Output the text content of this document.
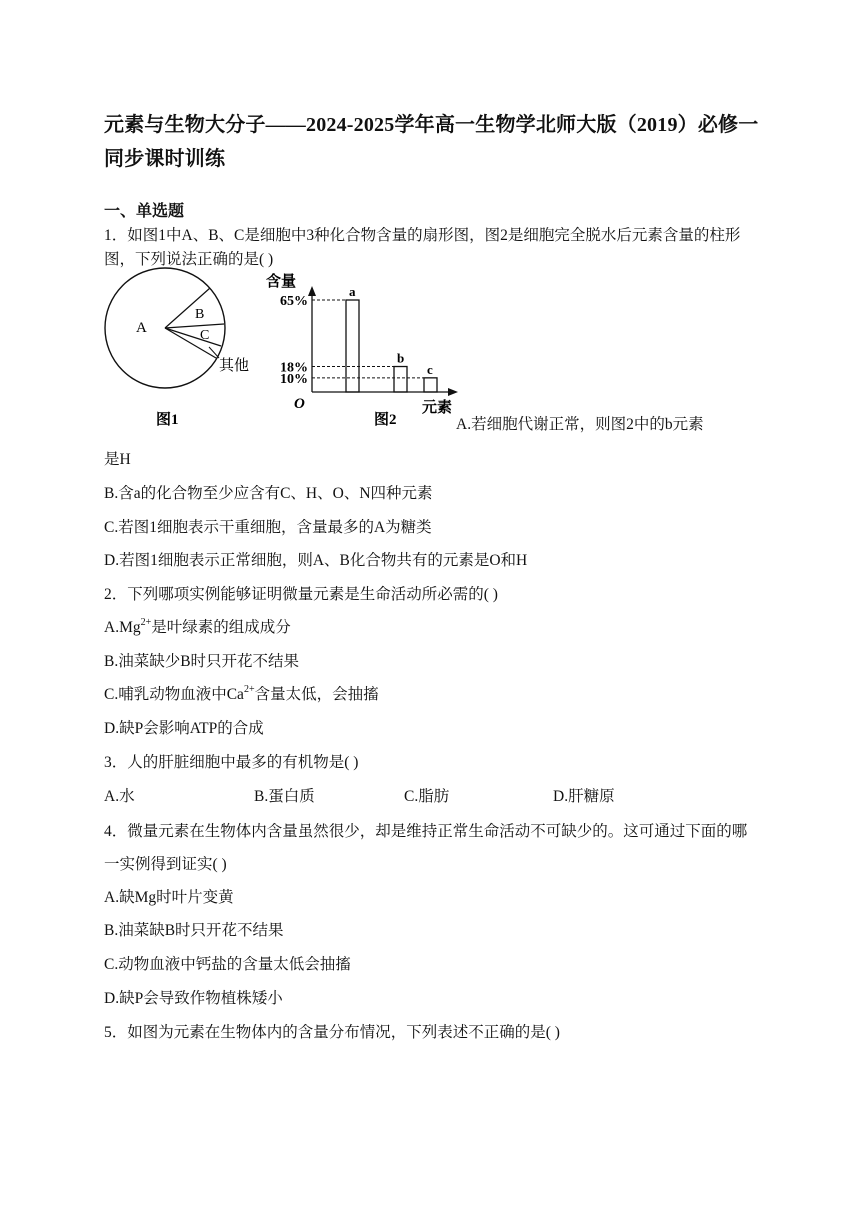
元素与生物大分子——2024-2025学年高一生物学北师大版（2019）必修一同步课时训练
一、单选题
1．如图1中A、B、C是细胞中3种化合物含量的扇形图，图2是细胞完全脱水后元素含量的柱形图，下列说法正确的是( )
A
B
C
其他
图1
含量
O	元素
图2
a
65%
b
18%	c
10%
A.若细胞代谢正常，则图2中的b元素
是H
B.含a的化合物至少应含有C、H、O、N四种元素
C.若图1细胞表示干重细胞，含量最多的A为糖类
D.若图1细胞表示正常细胞，则A、B化合物共有的元素是O和H
2．下列哪项实例能够证明微量元素是生命活动所必需的( )
$A.Mg^{2+}$是叶绿素的组成成分
B.油菜缺少B时只开花不结果
C.哺乳动物血液中$Ca^{2+}$含量太低，会抽搐
D.缺P会影响ATP的合成
3．人的肝脏细胞中最多的有机物是( )
A.水	B.蛋白质	C.脂肪	D.肝糖原
4．微量元素在生物体内含量虽然很少，却是维持正常生命活动不可缺少的。这可通过下面的哪一实例得到证实( )
A.缺Mg时叶片变黄
B.油菜缺B时只开花不结果
C.动物血液中钙盐的含量太低会抽搐
D.缺P会导致作物植株矮小
5．如图为元素在生物体内的含量分布情况，下列表述不正确的是( )
